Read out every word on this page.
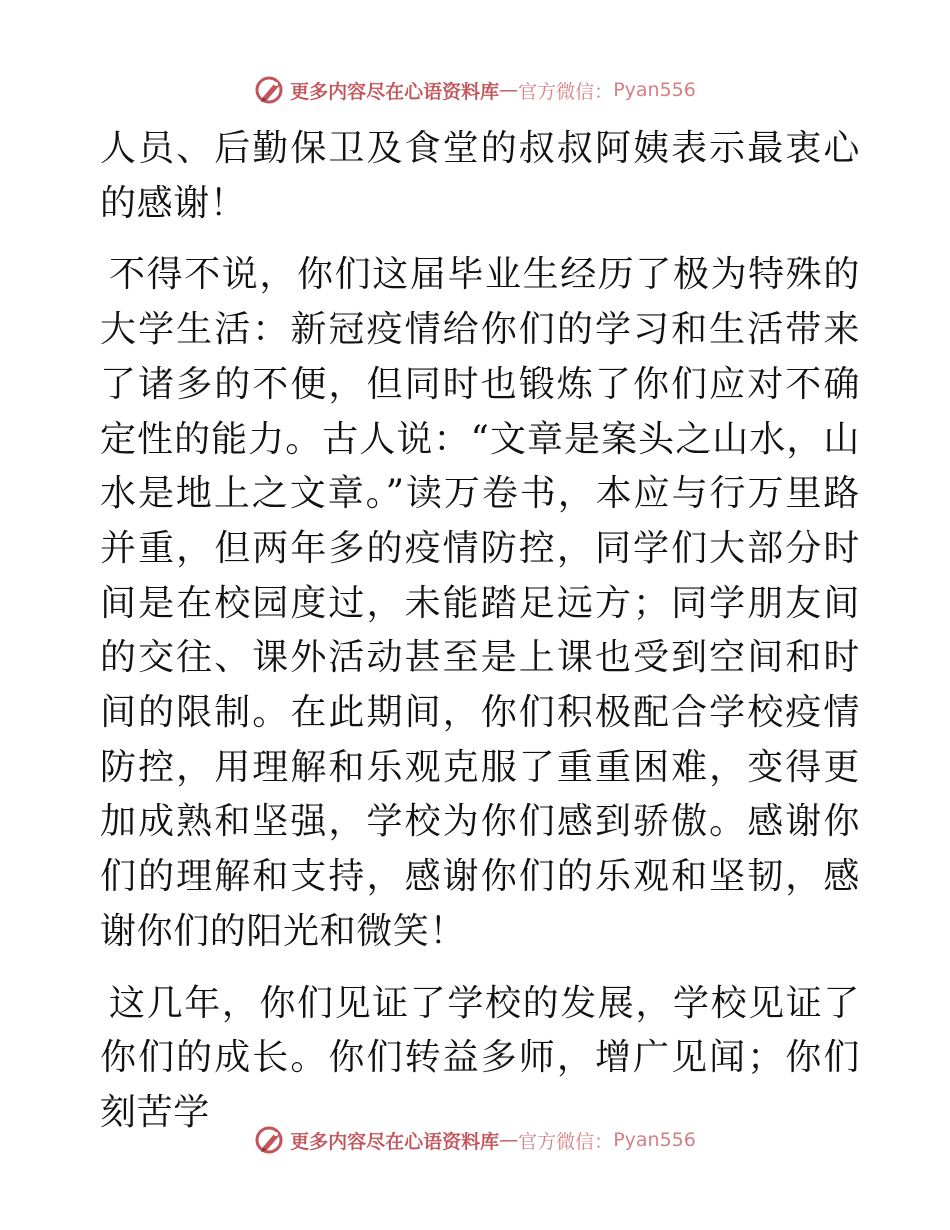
更多内容尽在心语资料库 — 官方微信： Pyan556

人员、后勤保卫及食堂的叔叔阿姨表示最衷心的感谢！

不得不说，你们这届毕业生经历了极为特殊的大学生活：新冠疫情给你们的学习和生活带来了诸多的不便，但同时也锻炼了你们应对不确定性的能力。古人说：“文章是案头之山水，山水是地上之文章。”读万卷书，本应与行万里路并重，但两年多的疫情防控，同学们大部分时间是在校园度过，未能踏足远方；同学朋友间的交往、课外活动甚至是上课也受到空间和时间的限制。在此期间，你们积极配合学校疫情防控，用理解和乐观克服了重重困难，变得更加成熟和坚强，学校为你们感到骄傲。感谢你们的理解和支持，感谢你们的乐观和坚韧，感谢你们的阳光和微笑！

这几年，你们见证了学校的发展，学校见证了你们的成长。你们转益多师，增广见闻；你们刻苦学

更多内容尽在心语资料库 — 官方微信： Pyan556
